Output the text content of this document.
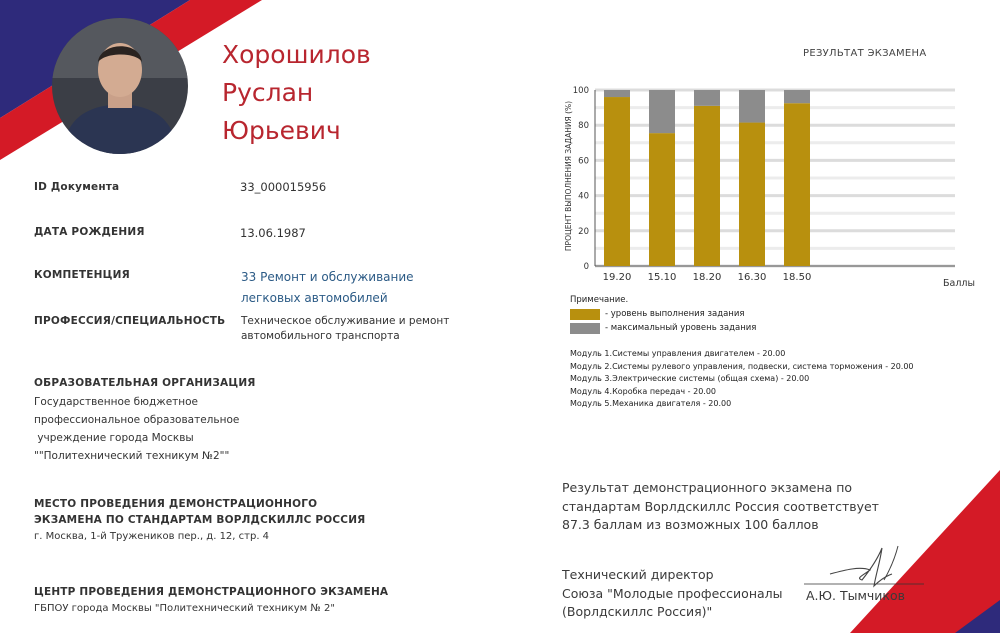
Хорошилов
Руслан
Юрьевич
ID Документа	33_000015956
ДАТА РОЖДЕНИЯ	13.06.1987
КОМПЕТЕНЦИЯ	33 Ремонт и обслуживание
легковых автомобилей
ПРОФЕССИЯ/СПЕЦИАЛЬНОСТЬ Техническое обслуживание и ремонт
автомобильного транспорта
ОБРАЗОВАТЕЛЬНАЯ ОРГАНИЗАЦИЯ
Государственное бюджетное
профессиональное образовательное
учреждение города Москвы
""Политехнический техникум №2""
МЕСТО ПРОВЕДЕНИЯ ДЕМОНСТРАЦИОННОГО
ЭКЗАМЕНА ПО СТАНДАРТАМ ВОРЛДСКИЛЛС РОССИЯ
г. Москва, 1-й Тружеников пер., д. 12, стр. 4
ЦЕНТР ПРОВЕДЕНИЯ ДЕМОНСТРАЦИОННОГО ЭКЗАМЕНА
ГБПОУ города Москвы "Политехнический техникум № 2"
РЕЗУЛЬТАТ ЭКЗАМЕНА
ПРОЦЕНТ ВЫПОЛНЕНИЯ ЗАДАНИЯ (%)
0
20
40
60
80
100
19.20 15.10 18.20 16.30 18.50
Баллы
Примечание.
- уровень выполнения задания
- максимальный уровень задания
Модуль 1.Системы управления двигателем - 20.00
Модуль 2.Системы рулевого управления, подвески, система торможения - 20.00
Модуль 3.Электрические системы (общая схема) - 20.00
Модуль 4.Коробка передач - 20.00
Модуль 5.Механика двигателя - 20.00
Результат демонстрационного экзамена по
стандартам Ворлдскиллс Россия соответствует
87.3 баллам из возможных 100 баллов
Технический директор
Союза "Молодые профессионалы
(Ворлдскиллс Россия)"
А.Ю. Тымчиков
